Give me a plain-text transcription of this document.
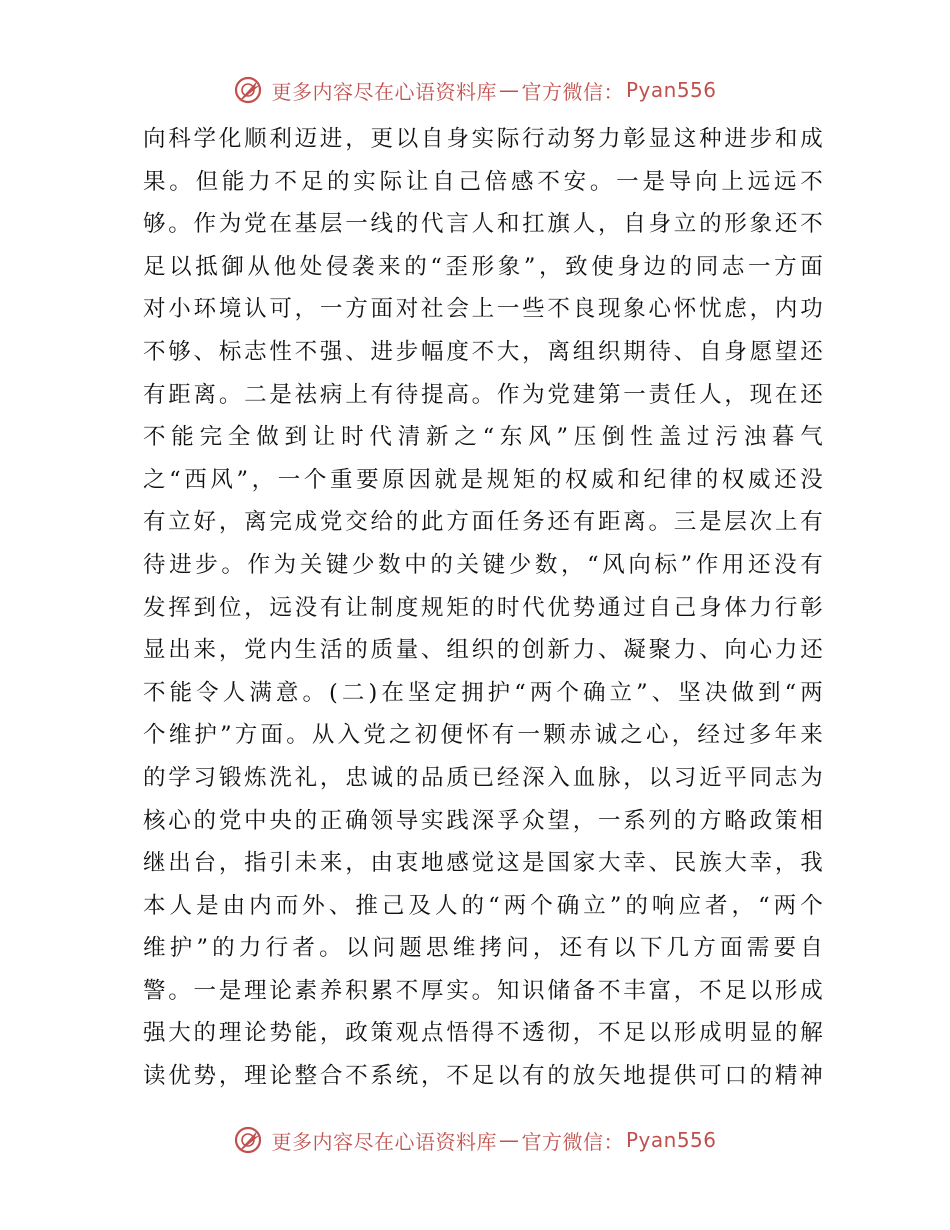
更多内容尽在心语资料库 — 官方微信： Pyan556
向科学化顺利迈进，更以自身实际行动努力彰显这种进步和成
果。但能力不足的实际让自己倍感不安。一是导向上远远不
够。作为党在基层一线的代言人和扛旗人，自身立的形象还不
足以抵御从他处侵袭来的“歪形象”，致使身边的同志一方面
对小环境认可，一方面对社会上一些不良现象心怀忧虑，内功
不够、标志性不强、进步幅度不大，离组织期待、自身愿望还
有距离。二是祛病上有待提高。作为党建第一责任人，现在还
不能完全做到让时代清新之“东风”压倒性盖过污浊暮气
之“西风”，一个重要原因就是规矩的权威和纪律的权威还没
有立好，离完成党交给的此方面任务还有距离。三是层次上有
待进步。作为关键少数中的关键少数，“风向标”作用还没有
发挥到位，远没有让制度规矩的时代优势通过自己身体力行彰
显出来，党内生活的质量、组织的创新力、凝聚力、向心力还
不能令人满意。(二)在坚定拥护“两个确立”、坚决做到“两
个维护”方面。从入党之初便怀有一颗赤诚之心，经过多年来
的学习锻炼洗礼，忠诚的品质已经深入血脉，以习近平同志为
核心的党中央的正确领导实践深孚众望，一系列的方略政策相
继出台，指引未来，由衷地感觉这是国家大幸、民族大幸，我
本人是由内而外、推己及人的“两个确立”的响应者，“两个
维护”的力行者。以问题思维拷问，还有以下几方面需要自
警。一是理论素养积累不厚实。知识储备不丰富，不足以形成
强大的理论势能，政策观点悟得不透彻，不足以形成明显的解
读优势，理论整合不系统，不足以有的放矢地提供可口的精神
更多内容尽在心语资料库 — 官方微信： Pyan556
